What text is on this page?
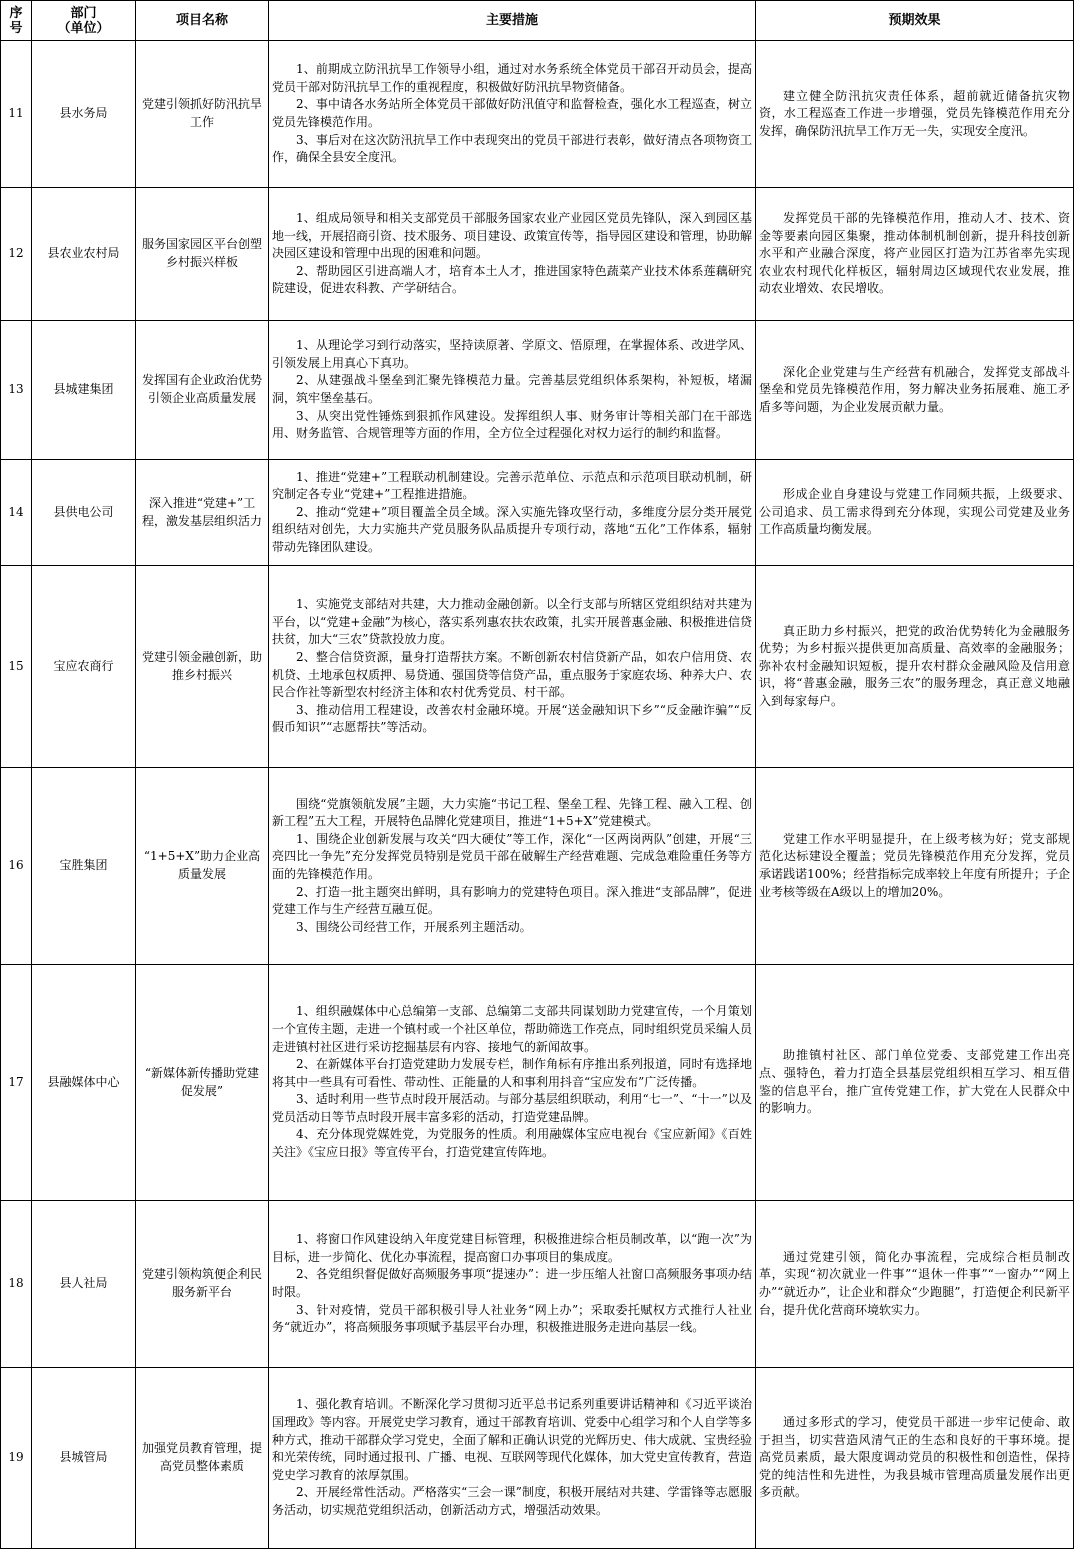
序
号	部门
（单位）	项目名称	主要措施	预期效果
11	县水务局	党建引领抓好防汛抗旱工作	1、前期成立防汛抗旱工作领导小组，通过对水务系统全体党员干部召开动员会，提高党员干部对防汛抗旱工作的重视程度，积极做好防汛抗旱物资储备。
2、事中请各水务站所全体党员干部做好防汛值守和监督检查，强化水工程巡查，树立党员先锋模范作用。
3、事后对在这次防汛抗旱工作中表现突出的党员干部进行表彰，做好清点各项物资工作，确保全县安全度汛。	建立健全防汛抗灾责任体系，超前就近储备抗灾物资，水工程巡查工作进一步增强，党员先锋模范作用充分发挥，确保防汛抗旱工作万无一失，实现安全度汛。

12	县农业农村局	服务国家园区平台创塑乡村振兴样板	1、组成局领导和相关支部党员干部服务国家农业产业园区党员先锋队，深入到园区基地一线，开展招商引资、技术服务、项目建设、政策宣传等，指导园区建设和管理，协助解决园区建设和管理中出现的困难和问题。
2、帮助园区引进高端人才，培育本土人才，推进国家特色蔬菜产业技术体系莲藕研究院建设，促进农科教、产学研结合。	发挥党员干部的先锋模范作用，推动人才、技术、资金等要素向园区集聚，推动体制机制创新，提升科技创新水平和产业融合深度，将产业园区打造为江苏省率先实现农业农村现代化样板区，辐射周边区域现代农业发展，推动农业增效、农民增收。

13	县城建集团	发挥国有企业政治优势 引领企业高质量发展	1、从理论学习到行动落实，坚持读原著、学原文、悟原理，在掌握体系、改进学风、引领发展上用真心下真功。
2、从建强战斗堡垒到汇聚先锋模范力量。完善基层党组织体系架构，补短板，堵漏洞，筑牢堡垒基石。
3、从突出党性锤炼到狠抓作风建设。发挥组织人事、财务审计等相关部门在干部选用、财务监管、合规管理等方面的作用，全方位全过程强化对权力运行的制约和监督。	深化企业党建与生产经营有机融合，发挥党支部战斗堡垒和党员先锋模范作用，努力解决业务拓展难、施工矛盾多等问题，为企业发展贡献力量。

14	县供电公司	深入推进“党建+”工程，激发基层组织活力	1、推进“党建+”工程联动机制建设。完善示范单位、示范点和示范项目联动机制，研究制定各专业“党建+”工程推进措施。
2、推动“党建+”项目覆盖全员全域。深入实施先锋攻坚行动，多维度分层分类开展党组织结对创先，大力实施共产党员服务队品质提升专项行动，落地“五化”工作体系，辐射带动先锋团队建设。	形成企业自身建设与党建工作同频共振，上级要求、公司追求、员工需求得到充分体现，实现公司党建及业务工作高质量均衡发展。

15	宝应农商行	党建引领金融创新，助推乡村振兴	1、实施党支部结对共建，大力推动金融创新。以全行支部与所辖区党组织结对共建为平台，以“党建+金融”为核心，落实系列惠农扶农政策，扎实开展普惠金融、积极推进信贷扶贫，加大“三农”贷款投放力度。
2、整合信贷资源，量身打造帮扶方案。不断创新农村信贷新产品，如农户信用贷、农机贷、土地承包权质押、易贷通、强国贷等信贷产品，重点服务于家庭农场、种养大户、农民合作社等新型农村经济主体和农村优秀党员、村干部。
3、推动信用工程建设，改善农村金融环境。开展“送金融知识下乡”“反金融诈骗”“反假币知识”“志愿帮扶”等活动。	真正助力乡村振兴，把党的政治优势转化为金融服务优势；为乡村振兴提供更加高质量、高效率的金融服务；弥补农村金融知识短板，提升农村群众金融风险及信用意识，将“普惠金融，服务三农”的服务理念，真正意义地融入到每家每户。

16	宝胜集团	“1+5+X”助力企业高质量发展	围绕“党旗领航发展”主题，大力实施“书记工程、堡垒工程、先锋工程、融入工程、创新工程”五大工程，开展特色品牌化党建项目，推进“1+5+X”党建模式。
1、围绕企业创新发展与攻关“四大硬仗”等工作，深化“一区两岗两队”创建，开展“三亮四比一争先”充分发挥党员特别是党员干部在破解生产经营难题、完成急难险重任务等方面的先锋模范作用。
2、打造一批主题突出鲜明，具有影响力的党建特色项目。深入推进“支部品牌”，促进党建工作与生产经营互融互促。
3、围绕公司经营工作，开展系列主题活动。	党建工作水平明显提升，在上级考核为好；党支部规范化达标建设全覆盖；党员先锋模范作用充分发挥，党员承诺践诺100%；经营指标完成率较上年度有所提升；子企业考核等级在A级以上的增加20%。

17	县融媒体中心	“新媒体新传播助党建促发展”	1、组织融媒体中心总编第一支部、总编第二支部共同谋划助力党建宣传，一个月策划一个宣传主题，走进一个镇村或一个社区单位，帮助筛选工作亮点，同时组织党员采编人员走进镇村社区进行采访挖掘基层有内容、接地气的新闻故事。
2、在新媒体平台打造党建助力发展专栏，制作角标有序推出系列报道，同时有选择地将其中一些具有可看性、带动性、正能量的人和事利用抖音“宝应发布”广泛传播。
3、适时利用一些节点时段开展活动。与部分基层组织联动，利用“七一”、“十一”以及党员活动日等节点时段开展丰富多彩的活动，打造党建品牌。
4、充分体现党媒姓党，为党服务的性质。利用融媒体宝应电视台《宝应新闻》《百姓关注》《宝应日报》等宣传平台，打造党建宣传阵地。	助推镇村社区、部门单位党委、支部党建工作出亮点、强特色，着力打造全县基层党组织相互学习、相互借鉴的信息平台，推广宣传党建工作，扩大党在人民群众中的影响力。

18	县人社局	党建引领构筑便企利民服务新平台	1、将窗口作风建设纳入年度党建目标管理，积极推进综合柜员制改革，以“跑一次”为目标，进一步简化、优化办事流程，提高窗口办事项目的集成度。
2、各党组织督促做好高频服务事项“提速办”：进一步压缩人社窗口高频服务事项办结时限。
3、针对疫情，党员干部积极引导人社业务“网上办”；采取委托赋权方式推行人社业务“就近办”，将高频服务事项赋予基层平台办理，积极推进服务走进向基层一线。	通过党建引领，简化办事流程，完成综合柜员制改革，实现“初次就业一件事”“退休一件事”“一窗办”“网上办”“就近办”，让企业和群众“少跑腿”，打造便企利民新平台，提升优化营商环境软实力。

19	县城管局	加强党员教育管理，提高党员整体素质	1、强化教育培训。不断深化学习贯彻习近平总书记系列重要讲话精神和《习近平谈治国理政》等内容。开展党史学习教育，通过干部教育培训、党委中心组学习和个人自学等多种方式，推动干部群众学习党史，全面了解和正确认识党的光辉历史、伟大成就、宝贵经验和光荣传统，同时通过报刊、广播、电视、互联网等现代化媒体，加大党史宣传教育，营造党史学习教育的浓厚氛围。
2、开展经常性活动。严格落实“三会一课”制度，积极开展结对共建、学雷锋等志愿服务活动，切实规范党组织活动，创新活动方式，增强活动效果。	通过多形式的学习，使党员干部进一步牢记使命、敢于担当，切实营造风清气正的生态和良好的干事环境。提高党员素质，最大限度调动党员的积极性和创造性，保持党的纯洁性和先进性，为我县城市管理高质量发展作出更多贡献。
